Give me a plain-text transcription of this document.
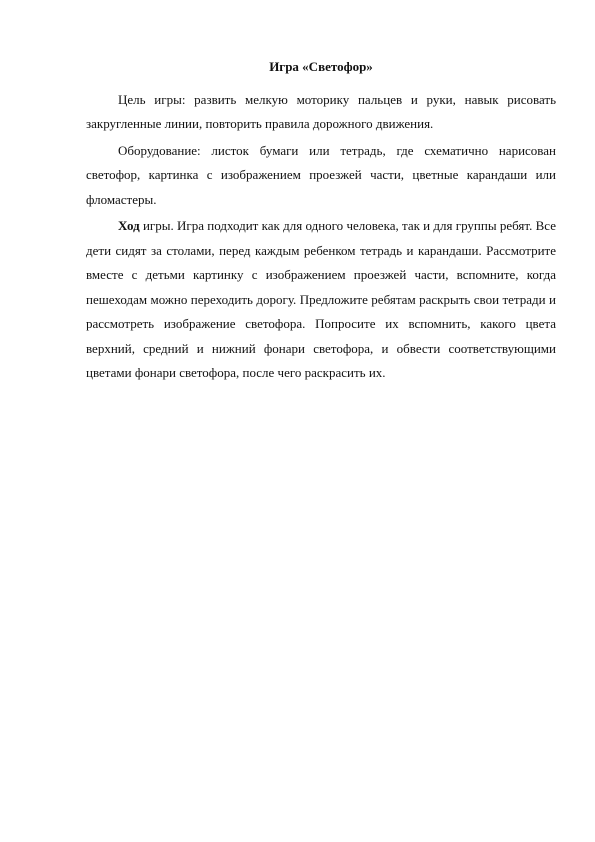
Игра «Светофор»

Цель игры: развить мелкую моторику пальцев и руки, навык рисовать закругленные линии, повторить правила дорожного движения.

Оборудование: листок бумаги или тетрадь, где схематично нарисован светофор, картинка с изображением проезжей части, цветные карандаши или фломастеры.

Ход игры. Игра подходит как для одного человека, так и для группы ребят. Все дети сидят за столами, перед каждым ребенком тетрадь и карандаши. Рассмотрите вместе с детьми картинку с изображением проезжей части, вспомните, когда пешеходам можно переходить дорогу. Предложите ребятам раскрыть свои тетради и рассмотреть изображение светофора. Попросите их вспомнить, какого цвета верхний, средний и нижний фонари светофора, и обвести соответствующими цветами фонари светофора, после чего раскрасить их.
